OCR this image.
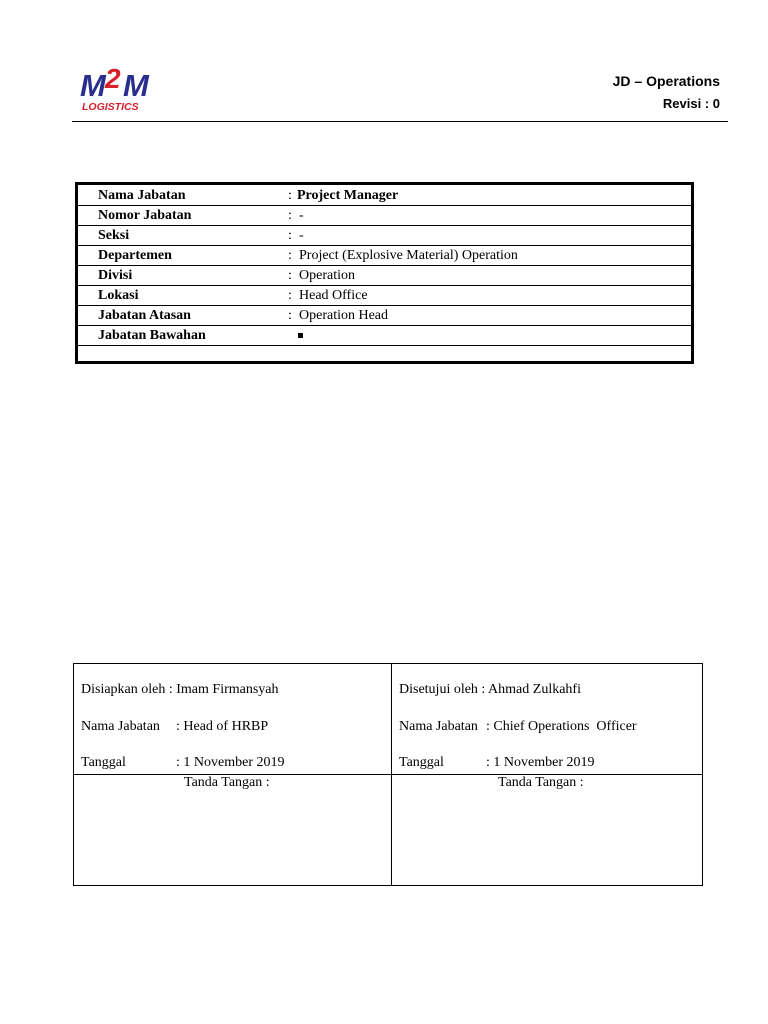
M 2 M
LOGISTICS
JD – Operations
Revisi : 0
Nama Jabatan	: Project Manager
Nomor Jabatan	: -
Seksi	: -
Departemen	: Project (Explosive Material) Operation
Divisi	: Operation
Lokasi	: Head Office
Jabatan Atasan	: Operation Head
Jabatan Bawahan
Disiapkan oleh : Imam Firmansyah
Nama Jabatan : Head of HRBP
Tanggal	: 1 November 2019
Tanda Tangan :
Disetujui oleh : Ahmad Zulkahfi
Nama Jabatan : Chief Operations  Officer
Tanggal	: 1 November 2019
Tanda Tangan :
